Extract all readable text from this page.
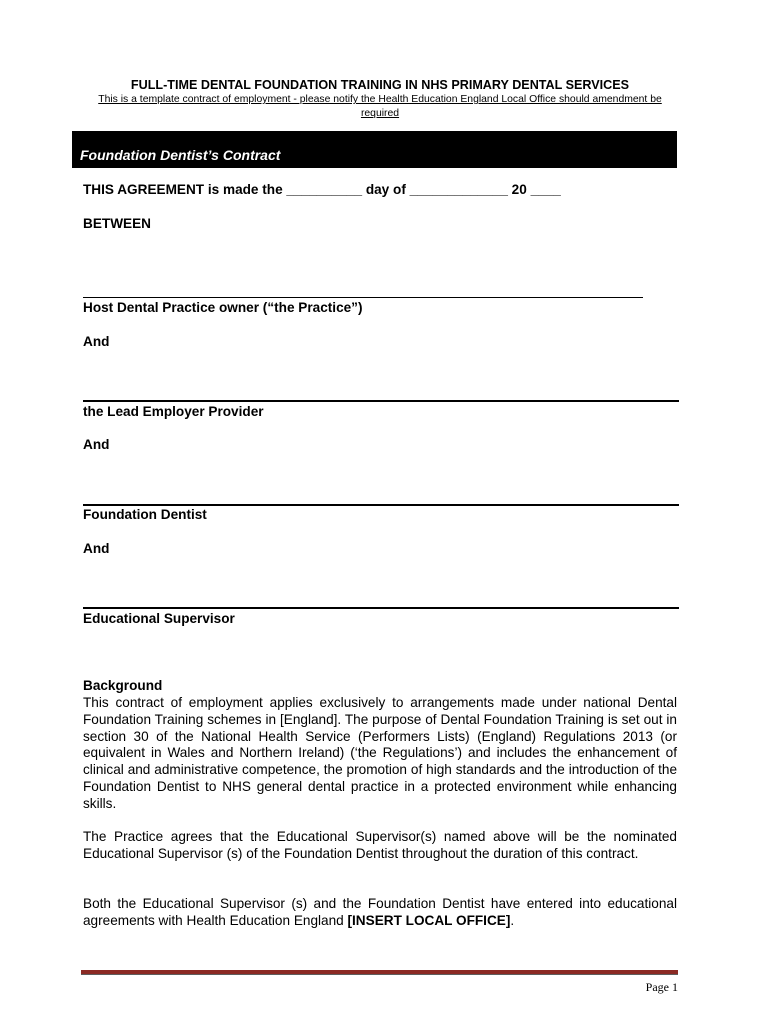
FULL-TIME DENTAL FOUNDATION TRAINING IN NHS PRIMARY DENTAL SERVICES
This is a template contract of employment - please notify the Health Education England Local Office should amendment be required
Foundation Dentist’s Contract
THIS AGREEMENT is made the __________ day of _____________ 20 ____
BETWEEN
Host Dental Practice owner (“the Practice”)
And
the Lead Employer Provider
And
Foundation Dentist
And
Educational Supervisor
Background
This contract of employment applies exclusively to arrangements made under national Dental Foundation Training schemes in [England]. The purpose of Dental Foundation Training is set out in section 30 of the National Health Service (Performers Lists) (England) Regulations 2013 (or equivalent in Wales and Northern Ireland) (‘the Regulations’) and includes the enhancement of clinical and administrative competence, the promotion of high standards and the introduction of the Foundation Dentist to NHS general dental practice in a protected environment while enhancing skills.
The Practice agrees that the Educational Supervisor(s) named above will be the nominated Educational Supervisor (s) of the Foundation Dentist throughout the duration of this contract.
Both the Educational Supervisor (s) and the Foundation Dentist have entered into educational agreements with Health Education England [INSERT LOCAL OFFICE].
Page 1
